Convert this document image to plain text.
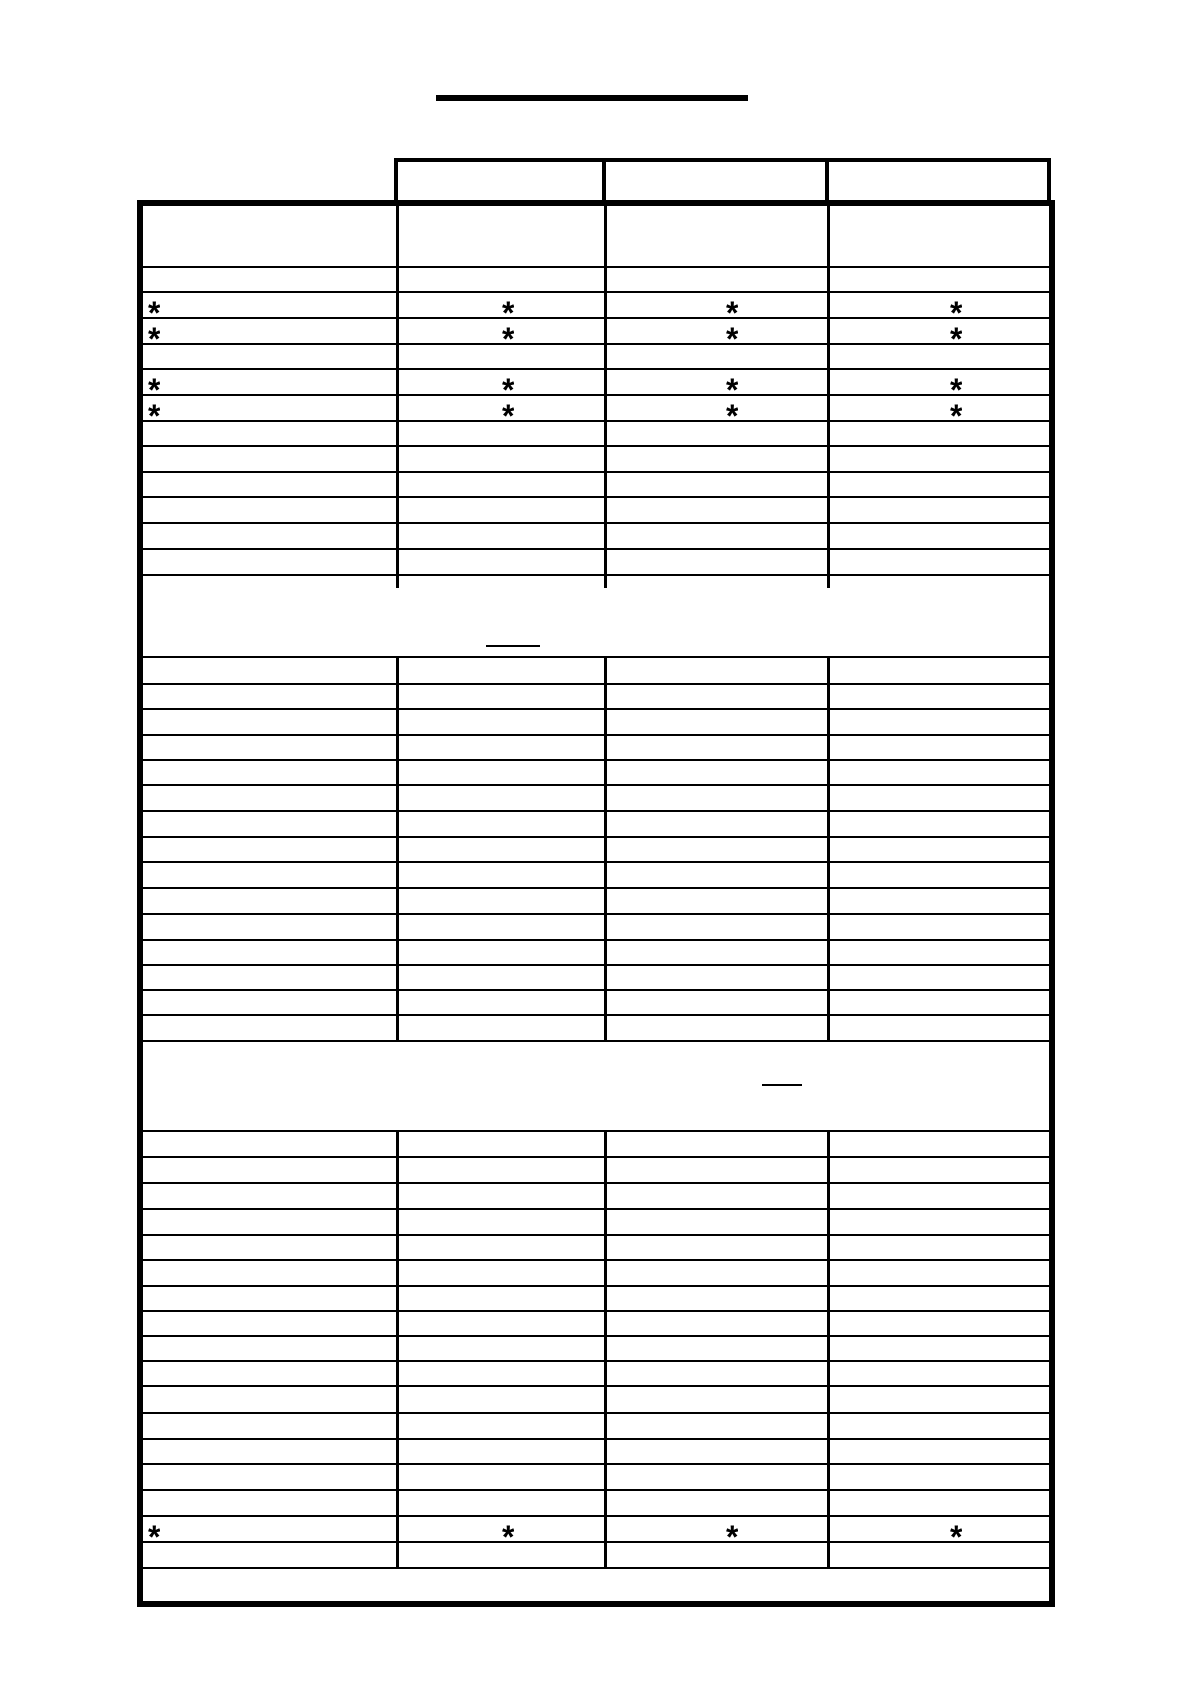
*	*	*	*
*	*	*	*
*	*	*	*
*	*	*	*
*	*	*	*
